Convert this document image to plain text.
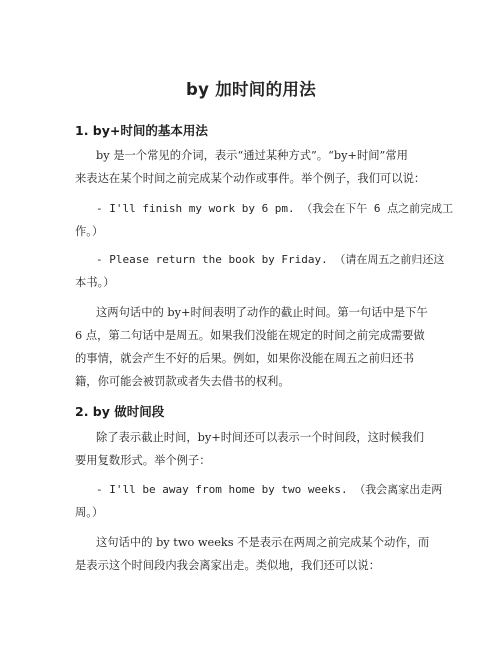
by 加时间的用法
1. by+时间的基本用法
by 是一个常见的介词，表示“通过某种方式”。“by+时间”常用
来表达在某个时间之前完成某个动作或事件。举个例子，我们可以说：
- I'll finish my work by 6 pm. （我会在下午 6 点之前完成工
作。）
- Please return the book by Friday. （请在周五之前归还这
本书。）
这两句话中的 by+时间表明了动作的截止时间。第一句话中是下午
6 点，第二句话中是周五。如果我们没能在规定的时间之前完成需要做
的事情，就会产生不好的后果。例如，如果你没能在周五之前归还书
籍，你可能会被罚款或者失去借书的权利。
2. by 做时间段
除了表示截止时间，by+时间还可以表示一个时间段，这时候我们
要用复数形式。举个例子：
- I'll be away from home by two weeks. （我会离家出走两
周。）
这句话中的 by two weeks 不是表示在两周之前完成某个动作，而
是表示这个时间段内我会离家出走。类似地，我们还可以说：
